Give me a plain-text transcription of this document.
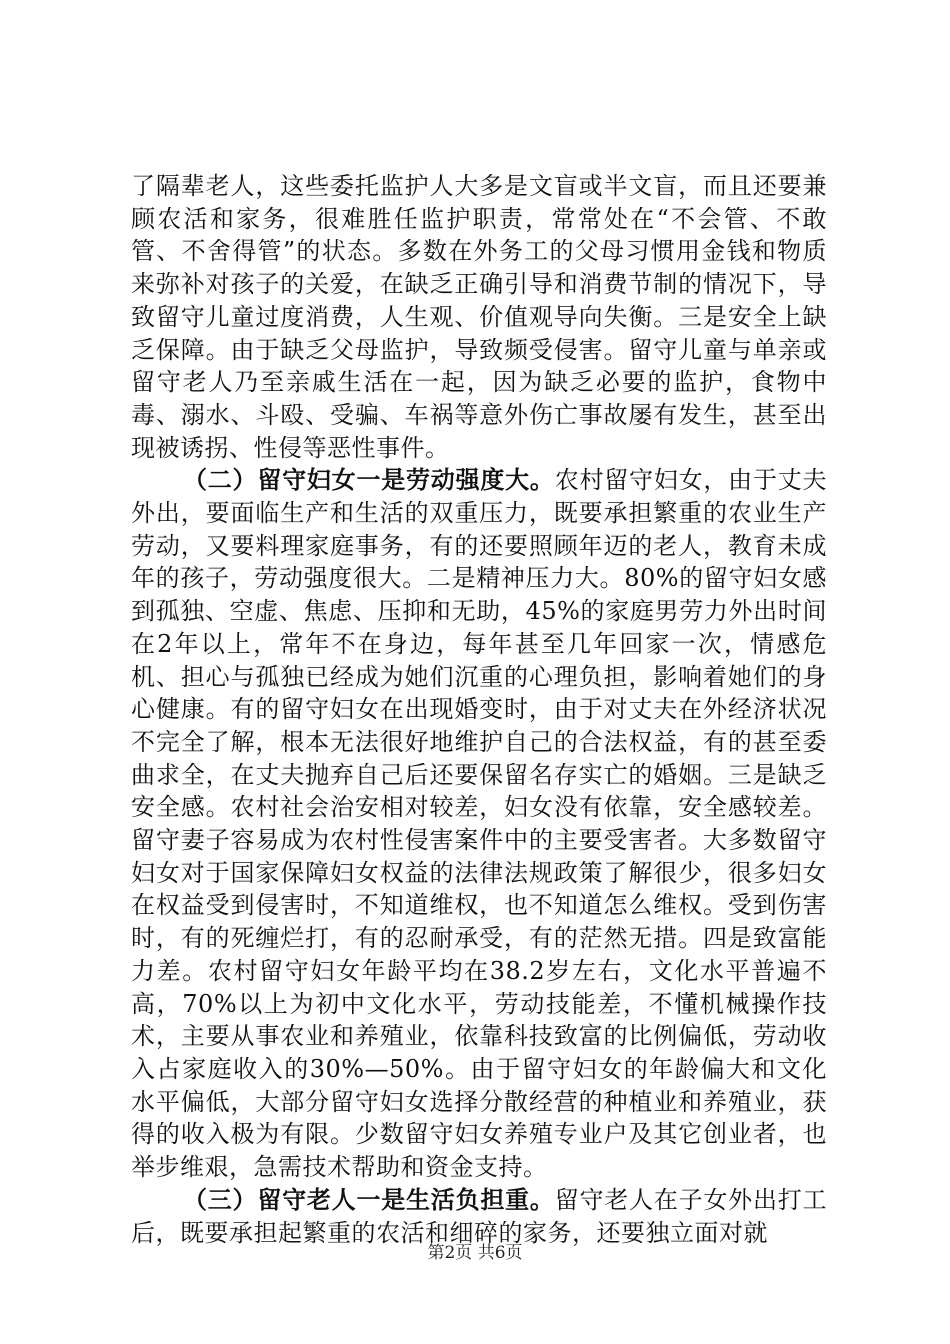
了隔辈老人，这些委托监护人大多是文盲或半文盲，而且还要兼顾农活和家务，很难胜任监护职责，常常处在“不会管、不敢管、不舍得管”的状态。多数在外务工的父母习惯用金钱和物质来弥补对孩子的关爱，在缺乏正确引导和消费节制的情况下，导致留守儿童过度消费，人生观、价值观导向失衡。三是安全上缺乏保障。由于缺乏父母监护，导致频受侵害。留守儿童与单亲或留守老人乃至亲戚生活在一起，因为缺乏必要的监护，食物中毒、溺水、斗殴、受骗、车祸等意外伤亡事故屡有发生，甚至出现被诱拐、性侵等恶性事件。

（二）留守妇女一是劳动强度大。农村留守妇女，由于丈夫外出，要面临生产和生活的双重压力，既要承担繁重的农业生产劳动，又要料理家庭事务，有的还要照顾年迈的老人，教育未成年的孩子，劳动强度很大。二是精神压力大。80%的留守妇女感到孤独、空虚、焦虑、压抑和无助，45%的家庭男劳力外出时间在2年以上，常年不在身边，每年甚至几年回家一次，情感危机、担心与孤独已经成为她们沉重的心理负担，影响着她们的身心健康。有的留守妇女在出现婚变时，由于对丈夫在外经济状况不完全了解，根本无法很好地维护自己的合法权益，有的甚至委曲求全，在丈夫抛弃自己后还要保留名存实亡的婚姻。三是缺乏安全感。农村社会治安相对较差，妇女没有依靠，安全感较差。留守妻子容易成为农村性侵害案件中的主要受害者。大多数留守妇女对于国家保障妇女权益的法律法规政策了解很少，很多妇女在权益受到侵害时，不知道维权，也不知道怎么维权。受到伤害时，有的死缠烂打，有的忍耐承受，有的茫然无措。四是致富能力差。农村留守妇女年龄平均在38.2岁左右，文化水平普遍不高，70%以上为初中文化水平，劳动技能差，不懂机械操作技术，主要从事农业和养殖业，依靠科技致富的比例偏低，劳动收入占家庭收入的30%—50%。由于留守妇女的年龄偏大和文化水平偏低，大部分留守妇女选择分散经营的种植业和养殖业，获得的收入极为有限。少数留守妇女养殖专业户及其它创业者，也举步维艰，急需技术帮助和资金支持。

（三）留守老人一是生活负担重。留守老人在子女外出打工后，既要承担起繁重的农活和细碎的家务，还要独立面对就

第2页 共6页
